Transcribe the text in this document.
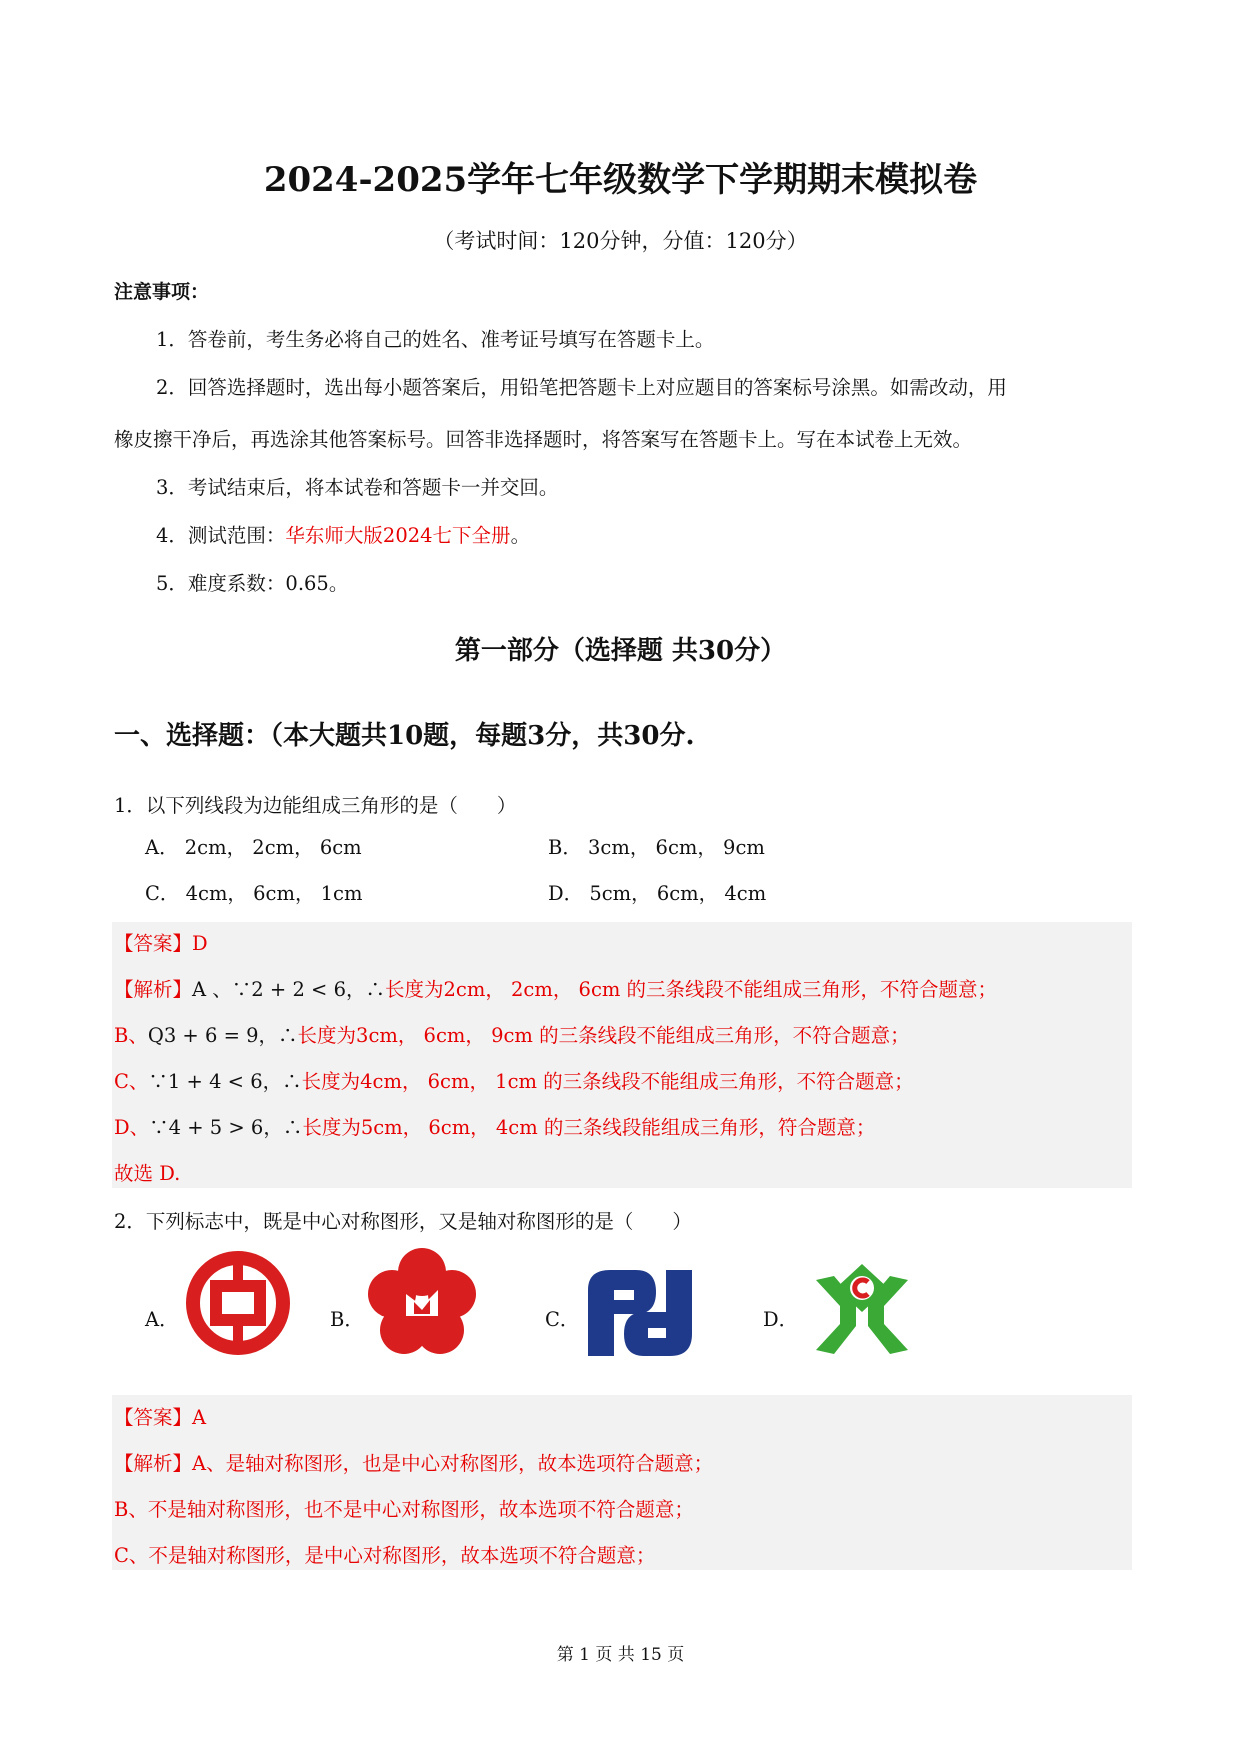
2024-2025学年七年级数学下学期期末模拟卷
（考试时间：120分钟，分值：120分）
注意事项：
1．答卷前，考生务必将自己的姓名、准考证号填写在答题卡上。
2．回答选择题时，选出每小题答案后，用铅笔把答题卡上对应题目的答案标号涂黑。如需改动，用
橡皮擦干净后，再选涂其他答案标号。回答非选择题时，将答案写在答题卡上。写在本试卷上无效。
3．考试结束后，将本试卷和答题卡一并交回。
4．测试范围：华东师大版2024七下全册。
5．难度系数：0.65。
第一部分（选择题 共30分）
一、选择题：（本大题共10题，每题3分，共30分.
1．以下列线段为边能组成三角形的是（　　）
A． 2cm， 2cm， 6cm	B． 3cm， 6cm， 9cm
C． 4cm， 6cm， 1cm	D． 5cm， 6cm， 4cm
【答案】D
【解析】A 、∵2 + 2 < 6，∴长度为2cm， 2cm， 6cm 的三条线段不能组成三角形，不符合题意；
B、Q3 + 6 = 9，∴长度为3cm， 6cm， 9cm 的三条线段不能组成三角形，不符合题意；
C、∵1 + 4 < 6，∴长度为4cm， 6cm， 1cm 的三条线段不能组成三角形，不符合题意；
D、∵4 + 5 > 6，∴长度为5cm， 6cm， 4cm 的三条线段能组成三角形，符合题意；
故选 D.
2．下列标志中，既是中心对称图形，又是轴对称图形的是（　　）
A．	B．	C．	D．
【答案】A
【解析】A、是轴对称图形，也是中心对称图形，故本选项符合题意；
B、不是轴对称图形，也不是中心对称图形，故本选项不符合题意；
C、不是轴对称图形，是中心对称图形，故本选项不符合题意；
第 1 页 共 15 页
